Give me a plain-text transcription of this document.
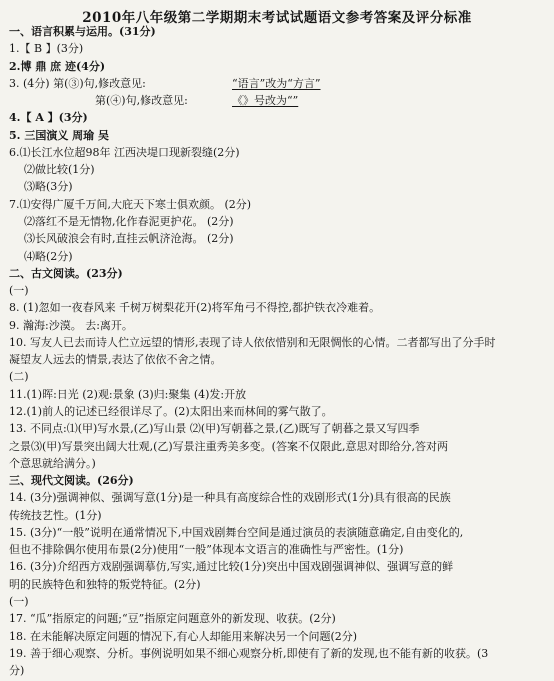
2010年八年级第二学期期末考试试题语文参考答案及评分标准
一、语言积累与运用。(31分)
1.【 B 】(3分)
2.博 鼎 庶 迹(4分)
3. (4分) 第(③)句,修改意见:	“语言”改为“方言”
第(④)句,修改意见:	《》号改为“”
4.【 A 】(3分)
5. 三国演义 周瑜 吴
6.⑴长江水位超98年 江西决堤口现新裂缝(2分)
⑵做比较(1分)
⑶略(3分)
7.⑴安得广厦千万间,大庇天下寒士俱欢颜。 (2分)
⑵落红不是无情物,化作春泥更护花。 (2分)
⑶长风破浪会有时,直挂云帆济沧海。 (2分)
⑷略(2分)
二、古文阅读。(23分)
(一)
8. (1)忽如一夜春风来 千树万树梨花开(2)将军角弓不得控,都护铁衣冷难着。
9. 瀚海:沙漠。 去:离开。
10. 写友人已去而诗人伫立远望的情形,表现了诗人依依惜别和无限惆怅的心情。二者都写出了分手时
凝望友人远去的情景,表达了依依不舍之情。
(二)
11.(1)晖:日光 (2)观:景象 (3)归:聚集 (4)发:开放
12.(1)前人的记述已经很详尽了。(2)太阳出来而林间的雾气散了。
13. 不同点:⑴(甲)写水景,(乙)写山景 ⑵(甲)写朝暮之景,(乙)既写了朝暮之景又写四季
之景⑶(甲)写景突出阔大壮观,(乙)写景注重秀美多变。(答案不仅限此,意思对即给分,答对两
个意思就给满分。)
三、现代文阅读。(26分)
14. (3分)强调神似、强调写意(1分)是一种具有高度综合性的戏剧形式(1分)具有很高的民族
传统技艺性。(1分)
15. (3分)“一般”说明在通常情况下,中国戏剧舞台空间是通过演员的表演随意确定,自由变化的,
但也不排除偶尔使用布景(2分)使用“一般”体现本文语言的准确性与严密性。(1分)
16. (3分)介绍西方戏剧强调摹仿,写实,通过比较(1分)突出中国戏剧强调神似、强调写意的鲜
明的民族特色和独特的叛党特征。(2分)
(一)
17. “瓜”指原定的问题;“豆”指原定问题意外的新发现、收获。(2分)
18. 在未能解决原定问题的情况下,有心人却能用来解决另一个问题(2分)
19. 善于细心观察、分析。事例说明如果不细心观察分析,即使有了新的发现,也不能有新的收获。(3
分)
